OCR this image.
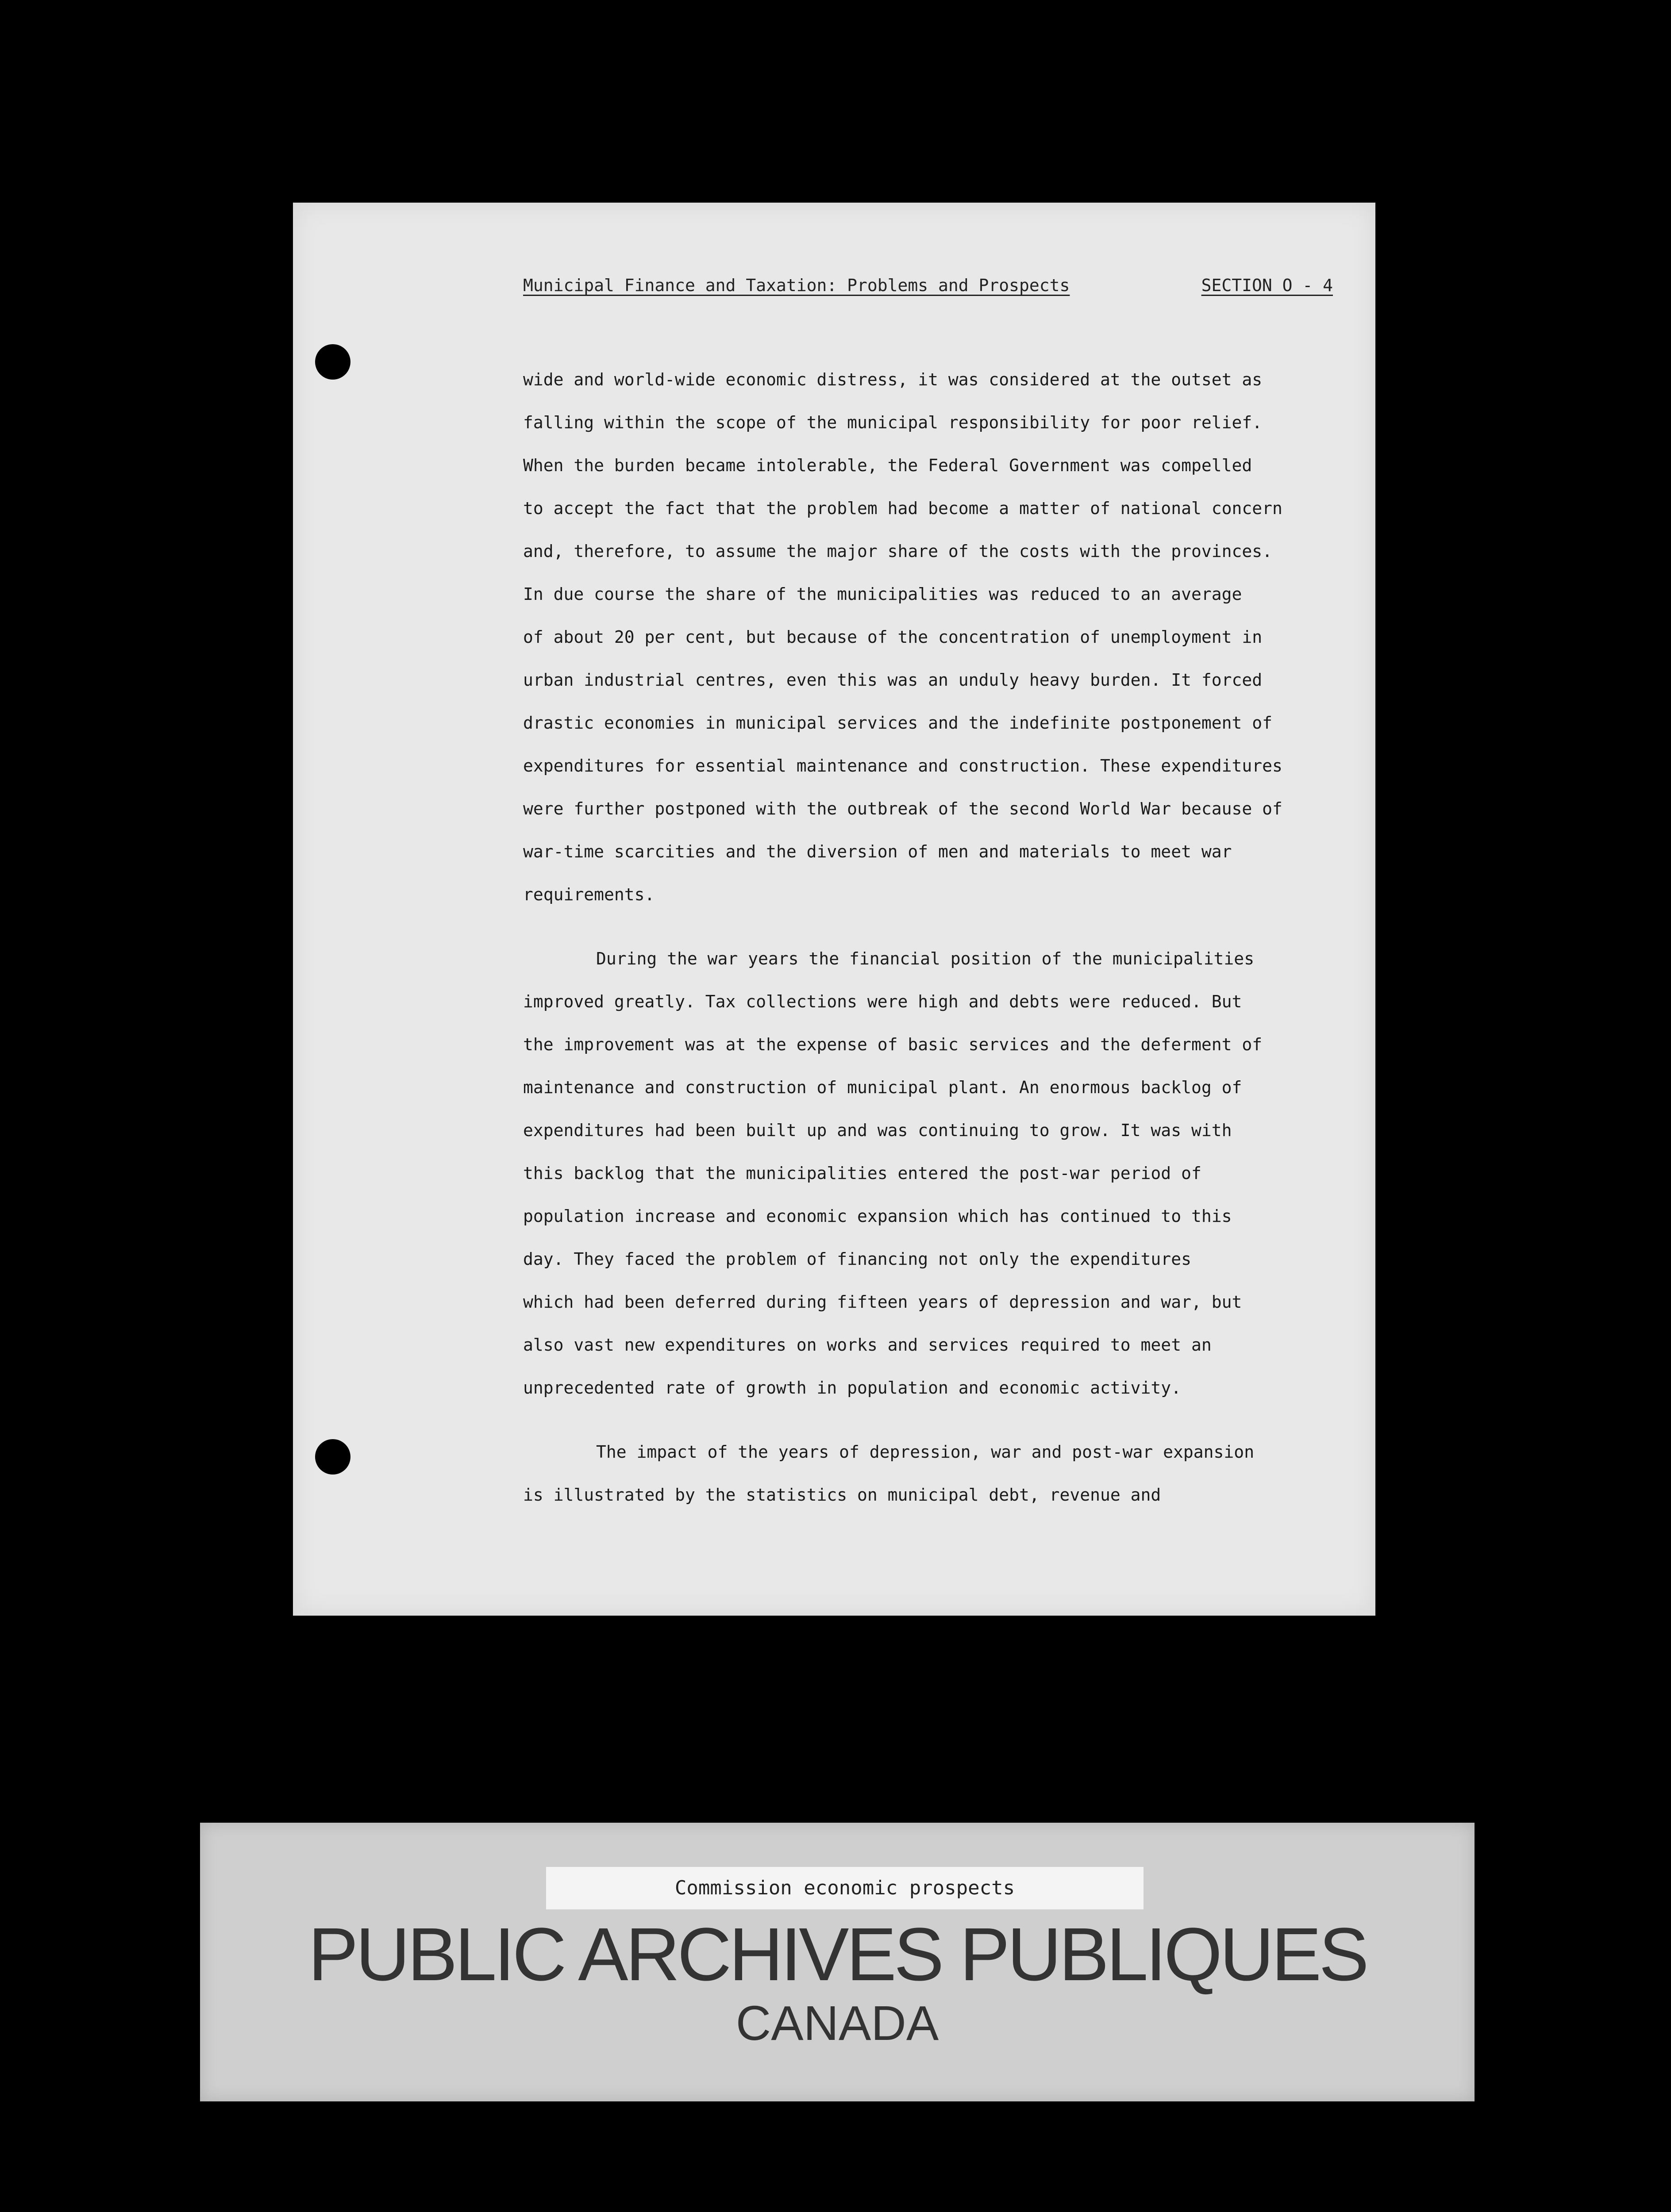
Municipal Finance and Taxation: Problems and Prospects	SECTION O - 4
wide and world-wide economic distress, it was considered at the outset as
falling within the scope of the municipal responsibility for poor relief.
When the burden became intolerable, the Federal Government was compelled
to accept the fact that the problem had become a matter of national concern
and, therefore, to assume the major share of the costs with the provinces.
In due course the share of the municipalities was reduced to an average
of about 20 per cent, but because of the concentration of unemployment in
urban industrial centres, even this was an unduly heavy burden. It forced
drastic economies in municipal services and the indefinite postponement of
expenditures for essential maintenance and construction. These expenditures
were further postponed with the outbreak of the second World War because of
war-time scarcities and the diversion of men and materials to meet war
requirements.
During the war years the financial position of the municipalities
improved greatly. Tax collections were high and debts were reduced. But
the improvement was at the expense of basic services and the deferment of
maintenance and construction of municipal plant. An enormous backlog of
expenditures had been built up and was continuing to grow. It was with
this backlog that the municipalities entered the post-war period of
population increase and economic expansion which has continued to this
day. They faced the problem of financing not only the expenditures
which had been deferred during fifteen years of depression and war, but
also vast new expenditures on works and services required to meet an
unprecedented rate of growth in population and economic activity.
The impact of the years of depression, war and post-war expansion
is illustrated by the statistics on municipal debt, revenue and
Commission economic prospects
PUBLIC ARCHIVES PUBLIQUES
CANADA
